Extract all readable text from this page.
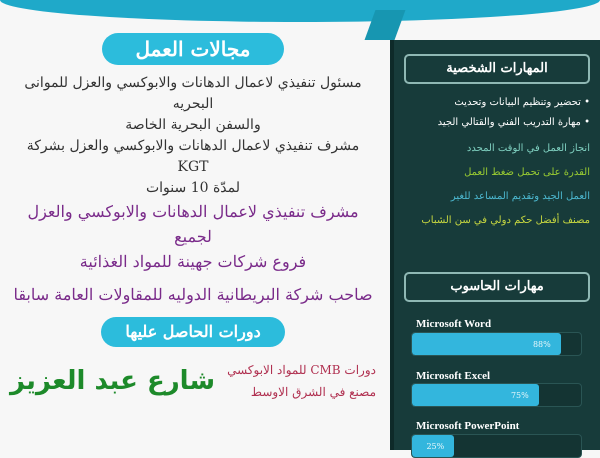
مجالات العمل
مسئول تنفيذي لاعمال الدهانات والابوكسي والعزل للموانى البحريه
والسفن البحرية الخاصة
مشرف تنفيذي لاعمال الدهانات والابوكسي والعزل بشركة KGT
لمدّة 10 سنوات
مشرف تنفيذي لاعمال الدهانات والابوكسي والعزل لجميع
فروع شركات جهينة للمواد الغذائية
صاحب شركة البريطانية الدوليه للمقاولات العامة سابقا
دورات الحاصل عليها
دورات CMB للمواد الابوكسي
مصنع في الشرق الاوسط
شارع عبد العزيز
المهارات الشخصية
• تحضير وتنظيم البيانات وتحديث
• مهارة التدريب الفني والقتالي الجيد
انجاز العمل في الوقت المحدد
القدرة على تحمل ضغط العمل
العمل الجيد وتقديم المساعد للغير
مصنف أفضل حكم دولي في سن الشباب
مهارات الحاسوب
Microsoft Word
88%
Microsoft Excel
75%
Microsoft PowerPoint
25%
